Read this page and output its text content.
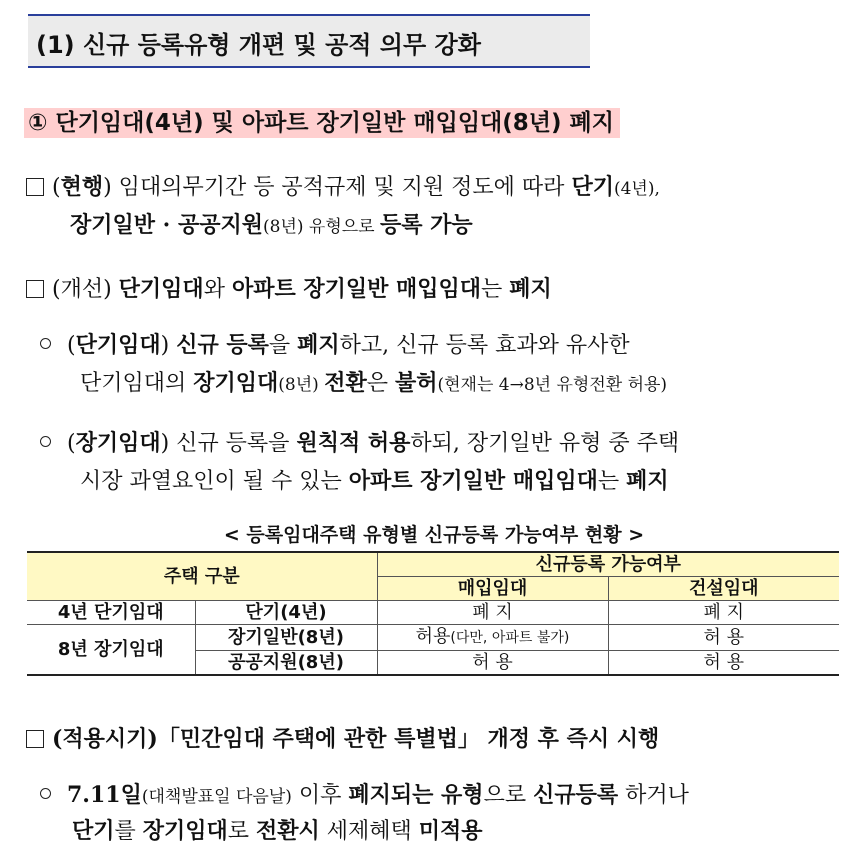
(1) 신규 등록유형 개편 및 공적 의무 강화
① 단기임대(4년) 및 아파트 장기일반 매입임대(8년) 폐지
(현행) 임대의무기간 등 공적규제 및 지원 정도에 따라 단기(4년),
장기일반 · 공공지원(8년) 유형으로 등록 가능
(개선) 단기임대와 아파트 장기일반 매입임대는 폐지
(단기임대) 신규 등록을 폐지하고, 신규 등록 효과와 유사한
단기임대의 장기임대(8년) 전환은 불허(현재는 4→8년 유형전환 허용)
(장기임대) 신규 등록을 원칙적 허용하되, 장기일반 유형 중 주택
시장 과열요인이 될 수 있는 아파트 장기일반 매입임대는 폐지
< 등록임대주택 유형별 신규등록 가능여부 현황 >
주택 구분		신규등록 가능여부	
		매입임대	건설임대
4년 단기임대	단기(4년)	폐 지	폐 지
8년 장기임대	장기일반(8년)	허용(다만, 아파트 불가)	허 용
	공공지원(8년)	허 용	허 용
(적용시기)「민간임대 주택에 관한 특별법」 개정 후 즉시 시행
7.11일(대책발표일 다음날) 이후 폐지되는 유형으로 신규등록 하거나
단기를 장기임대로 전환시 세제혜택 미적용
